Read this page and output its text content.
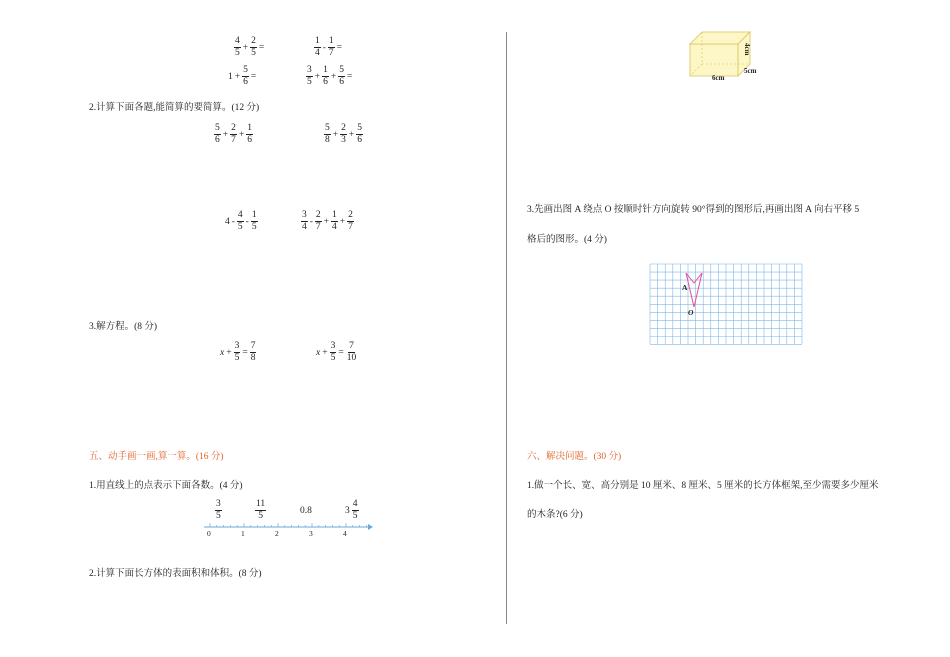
$\frac{4}{5} + \frac{2}{5}$ =	$\frac{1}{4} - \frac{1}{7}$ =
$1 + \frac{5}{6}$ =	$\frac{3}{5} + \frac{1}{6} + \frac{5}{6}$ =
2.计算下面各题,能简算的要简算。(12 分)
$\frac{5}{6} + \frac{2}{7} + \frac{1}{6}$	$\frac{5}{8} + \frac{2}{3} + \frac{5}{6}$
$4 - \frac{4}{5} - \frac{1}{5}$	$\frac{3}{4} - \frac{2}{7} + \frac{1}{4} + \frac{2}{7}$
3.解方程。(8 分)
$x + \frac{3}{5} = \frac{7}{8}$	$x + \frac{3}{5} = \frac{7}{10}$
五、动手画一画,算一算。(16 分)
1.用直线上的点表示下面各数。(4 分)
$\frac{3}{5}$	$\frac{11}{5}$	0.8	$3 \frac{4}{5}$
0	1	2	3	4
2.计算下面长方体的表面积和体积。(8 分)
6cm
5cm
4cm
3.先画出图 A 绕点 O 按顺时针方向旋转 90°得到的图形后,再画出图 A 向右平移 5
格后的图形。(4 分)
A
O
六、解决问题。(30 分)
1.做一个长、宽、高分别是 10 厘米、8 厘米、5 厘米的长方体框架,至少需要多少厘米
的木条?(6 分)
